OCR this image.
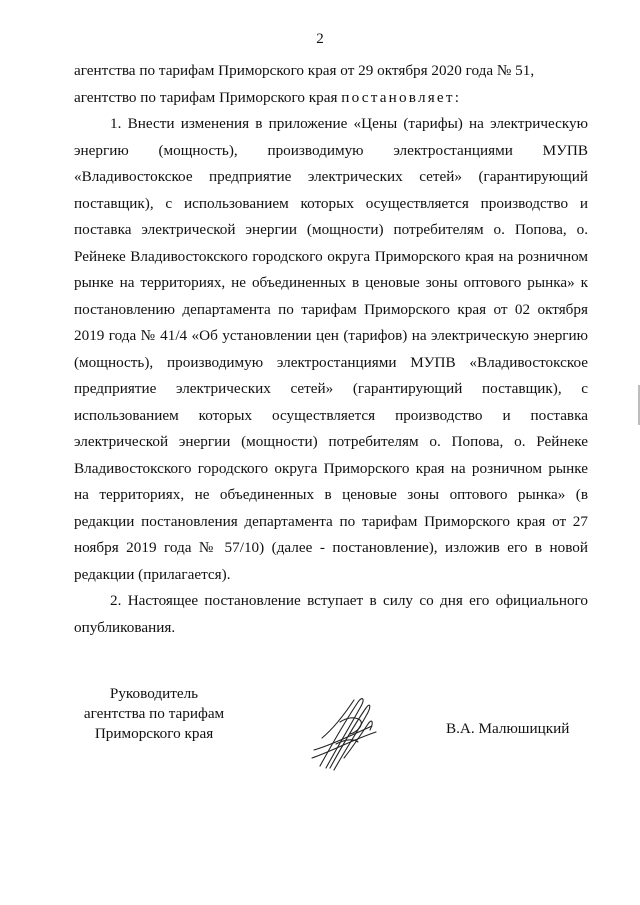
2

агентства по тарифам Приморского края от 29 октября 2020 года № 51,

агентство по тарифам Приморского края постановляет:

1. Внести изменения в приложение «Цены (тарифы) на электрическую энергию (мощность), производимую электростанциями МУПВ «Владивостокское предприятие электрических сетей» (гарантирующий поставщик), с использованием которых осуществляется производство и поставка электрической энергии (мощности) потребителям о. Попова, о. Рейнеке Владивостокского городского округа Приморского края на розничном рынке на территориях, не объединенных в ценовые зоны оптового рынка» к постановлению департамента по тарифам Приморского края от 02 октября 2019 года № 41/4 «Об установлении цен (тарифов) на электрическую энергию (мощность), производимую электростанциями МУПВ «Владивостокское предприятие электрических сетей» (гарантирующий поставщик), с использованием которых осуществляется производство и поставка электрической энергии (мощности) потребителям о. Попова, о. Рейнеке Владивостокского городского округа Приморского края на розничном рынке на территориях, не объединенных в ценовые зоны оптового рынка» (в редакции постановления департамента по тарифам Приморского края от 27 ноября 2019 года № 57/10) (далее - постановление), изложив его в новой редакции (прилагается).

2. Настоящее постановление вступает в силу со дня его официального опубликования.

Руководитель
агентства по тарифам
Приморского края	В.А. Малюшицкий
